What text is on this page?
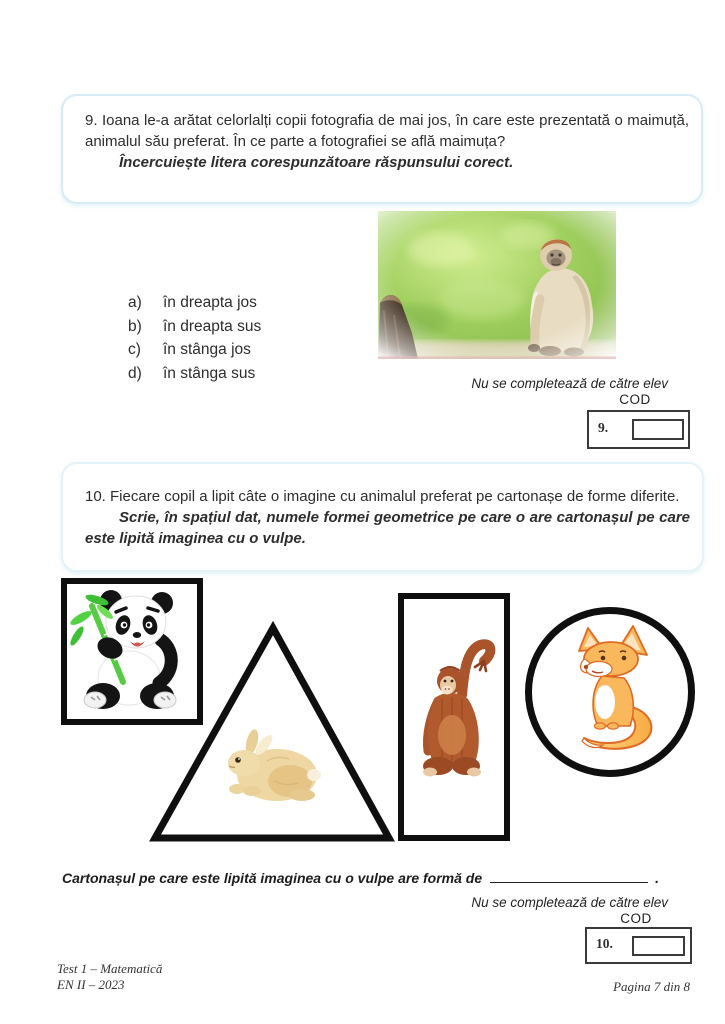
9. Ioana le-a arătat celorlalți copii fotografia de mai jos, în care este prezentată o maimuță, animalul său preferat. În ce parte a fotografiei se află maimuța?

Încercuiește litera corespunzătoare răspunsului corect.

a)	în dreapta jos
b)	în dreapta sus
c)	în stânga jos
d)	în stânga sus
Nu se completează de către elev
COD
9.

10. Fiecare copil a lipit câte o imagine cu animalul preferat pe cartonașe de forme diferite.

Scrie, în spațiul dat, numele formei geometrice pe care o are cartonașul pe care este lipită imaginea cu o vulpe.

Cartonașul pe care este lipită imaginea cu o vulpe are formă de	.
Nu se completează de către elev
COD
10.
Test 1 – Matematică
EN II – 2023	Pagina 7 din 8
